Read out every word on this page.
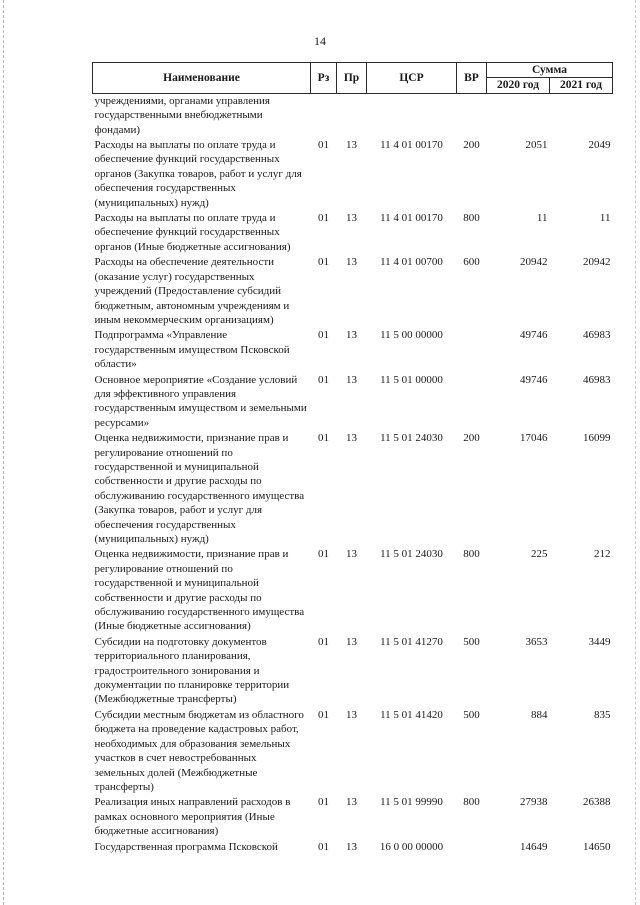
14
Наименование	Рз	Пр	ЦСР	ВР	Сумма	
					2020 год	2021 год
учреждениями, органами управления государственными внебюджетными фондами)						
Расходы на выплаты по оплате труда и обеспечение функций государственных органов (Закупка товаров, работ и услуг для обеспечения государственных (муниципальных) нужд)	01	13	11 4 01 00170	200	2051	2049
Расходы на выплаты по оплате труда и обеспечение функций государственных органов (Иные бюджетные ассигнования)	01	13	11 4 01 00170	800	11	11
Расходы на обеспечение деятельности (оказание услуг) государственных учреждений (Предоставление субсидий бюджетным, автономным учреждениям и иным некоммерческим организациям)	01	13	11 4 01 00700	600	20942	20942
Подпрограмма «Управление государственным имуществом Псковской области»	01	13	11 5 00 00000		49746	46983
Основное мероприятие «Создание условий для эффективного управления государственным имуществом и земельными ресурсами»	01	13	11 5 01 00000		49746	46983
Оценка недвижимости, признание прав и регулирование отношений по государственной и муниципальной собственности и другие расходы по обслуживанию государственного имущества (Закупка товаров, работ и услуг для обеспечения государственных (муниципальных) нужд)	01	13	11 5 01 24030	200	17046	16099
Оценка недвижимости, признание прав и регулирование отношений по государственной и муниципальной собственности и другие расходы по обслуживанию государственного имущества (Иные бюджетные ассигнования)	01	13	11 5 01 24030	800	225	212
Субсидии на подготовку документов территориального планирования, градостроительного зонирования и документации по планировке территории (Межбюджетные трансферты)	01	13	11 5 01 41270	500	3653	3449
Субсидии местным бюджетам из областного бюджета на проведение кадастровых работ, необходимых для образования земельных участков в счет невостребованных земельных долей (Межбюджетные трансферты)	01	13	11 5 01 41420	500	884	835
Реализация иных направлений расходов в рамках основного мероприятия (Иные бюджетные ассигнования)	01	13	11 5 01 99990	800	27938	26388
Государственная программа Псковской	01	13	16 0 00 00000		14649	14650
